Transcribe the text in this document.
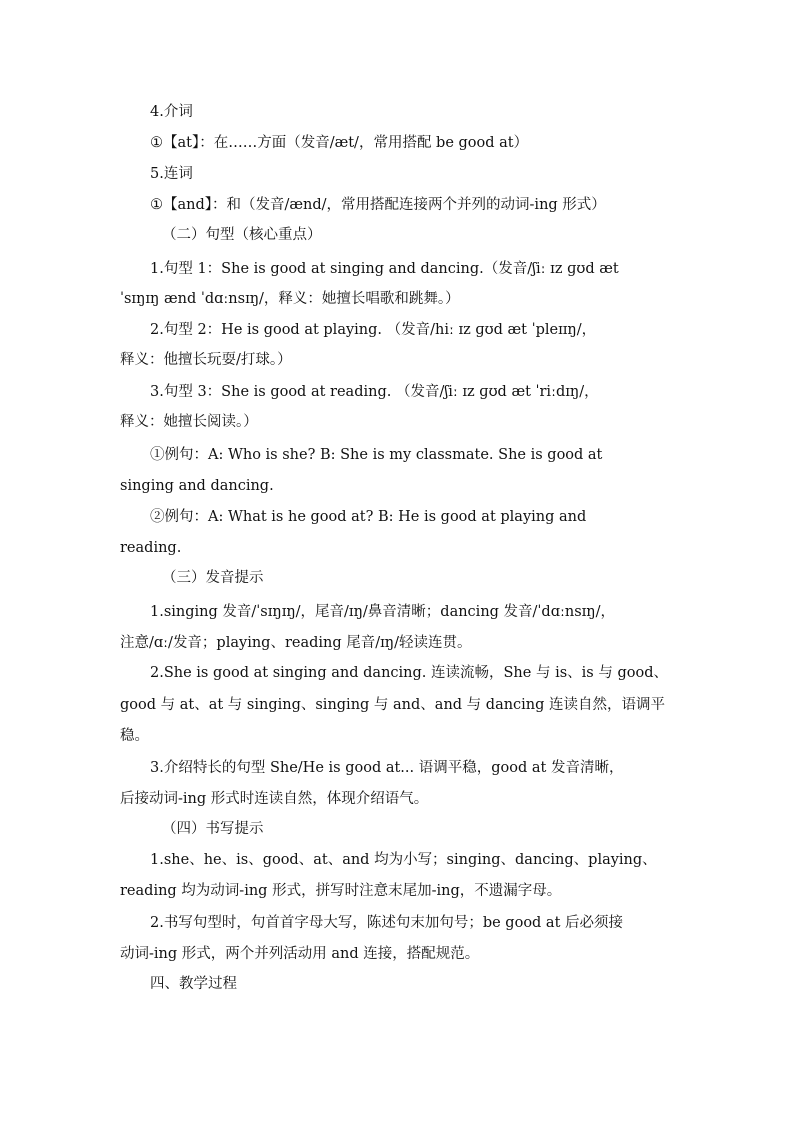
4.介词
①【at】：在……方面（发音/æt/，常用搭配 be good at）
5.连词
①【and】：和（发音/ænd/，常用搭配连接两个并列的动词-ing 形式）
（二）句型（核心重点）
1.句型 1：She is good at singing and dancing.（发音/ʃiː ɪz ɡʊd æt
ˈsɪŋɪŋ ænd ˈdɑːnsɪŋ/，释义：她擅长唱歌和跳舞。）
2.句型 2：He is good at playing. （发音/hiː ɪz ɡʊd æt ˈpleɪɪŋ/，
释义：他擅长玩耍/打球。）
3.句型 3：She is good at reading. （发音/ʃiː ɪz ɡʊd æt ˈriːdɪŋ/，
释义：她擅长阅读。）
①例句：A: Who is she? B: She is my classmate. She is good at
singing and dancing.
②例句：A: What is he good at? B: He is good at playing and
reading.
（三）发音提示
1.singing 发音/ˈsɪŋɪŋ/，尾音/ɪŋ/鼻音清晰；dancing 发音/ˈdɑːnsɪŋ/，
注意/ɑː/发音；playing、reading 尾音/ɪŋ/轻读连贯。
2.She is good at singing and dancing. 连读流畅，She 与 is、is 与 good、
good 与 at、at 与 singing、singing 与 and、and 与 dancing 连读自然，语调平
稳。
3.介绍特长的句型 She/He is good at... 语调平稳，good at 发音清晰，
后接动词-ing 形式时连读自然，体现介绍语气。
（四）书写提示
1.she、he、is、good、at、and 均为小写；singing、dancing、playing、
reading 均为动词-ing 形式，拼写时注意末尾加-ing，不遗漏字母。
2.书写句型时，句首首字母大写，陈述句末加句号；be good at 后必须接
动词-ing 形式，两个并列活动用 and 连接，搭配规范。
四、教学过程
